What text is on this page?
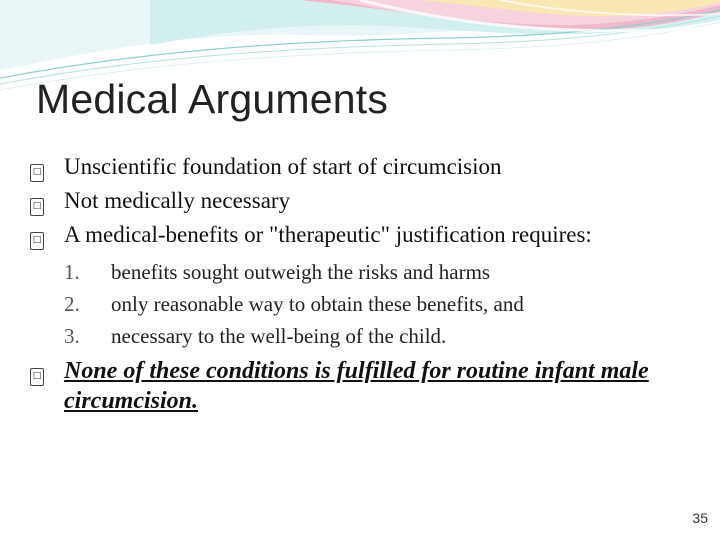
Medical Arguments
□ Unscientific foundation of start of circumcision
□ Not medically necessary
□ A medical-benefits or "therapeutic" justification requires:
1. benefits sought outweigh the risks and harms
2. only reasonable way to obtain these benefits, and
3. necessary to the well-being of the child.
□ None of these conditions is fulfilled for routine infant male circumcision.
35
